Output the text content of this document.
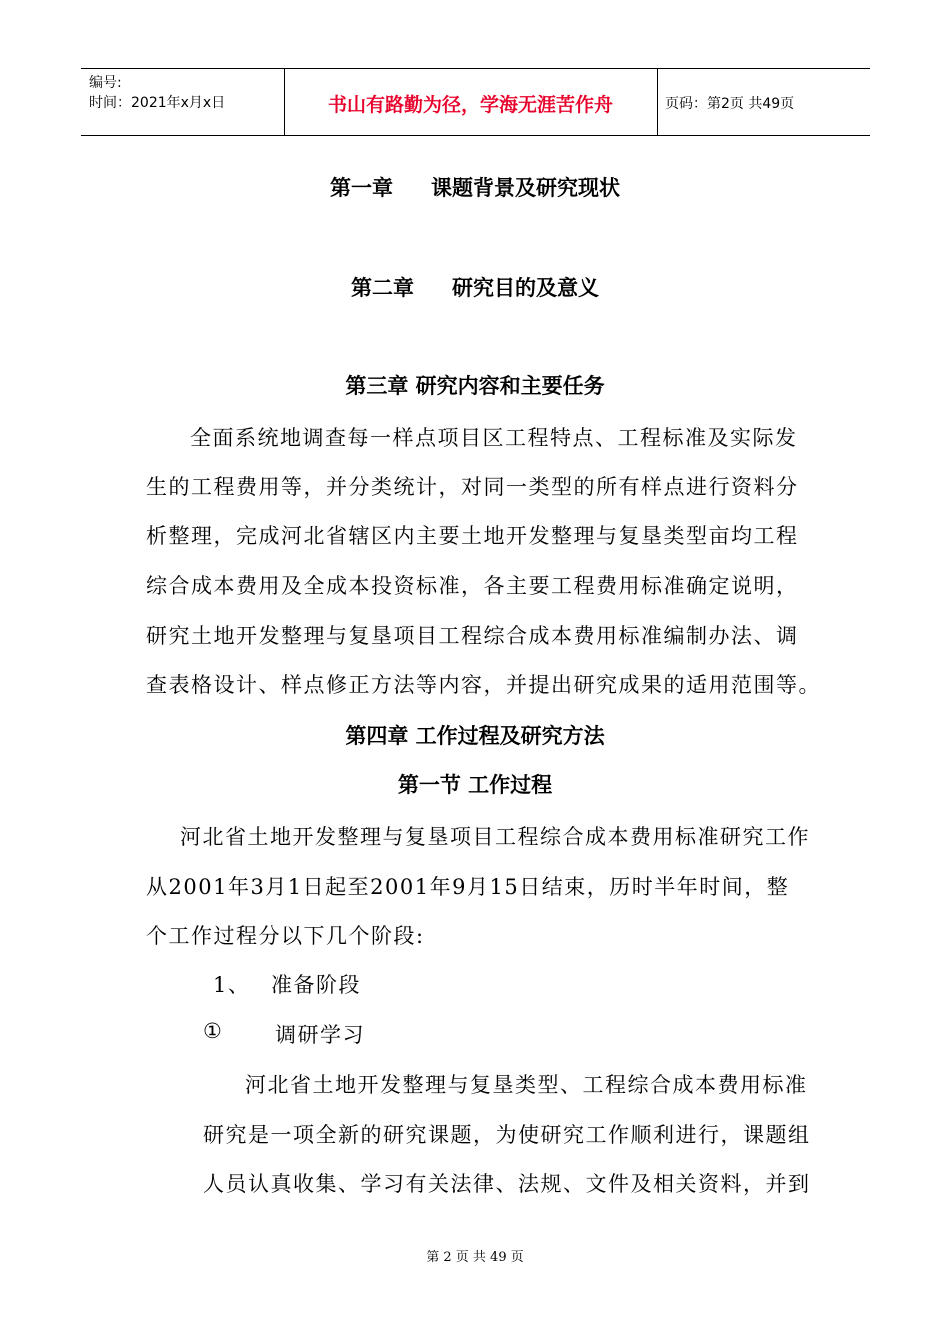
编号:
时间：2021年x月x日	书山有路勤为径，学海无涯苦作舟	页码：第2页 共49页
第一章 课题背景及研究现状
第二章 研究目的及意义
第三章 研究内容和主要任务
全面系统地调查每一样点项目区工程特点、工程标准及实际发
生的工程费用等，并分类统计，对同一类型的所有样点进行资料分
析整理，完成河北省辖区内主要土地开发整理与复垦类型亩均工程
综合成本费用及全成本投资标准，各主要工程费用标准确定说明，
研究土地开发整理与复垦项目工程综合成本费用标准编制办法、调
查表格设计、样点修正方法等内容，并提出研究成果的适用范围等。
第四章 工作过程及研究方法
第一节 工作过程
河北省土地开发整理与复垦项目工程综合成本费用标准研究工作
从2001年3月1日起至2001年9月15日结束，历时半年时间，整
个工作过程分以下几个阶段:
1、 准备阶段
① 调研学习
河北省土地开发整理与复垦类型、工程综合成本费用标准
研究是一项全新的研究课题，为使研究工作顺利进行，课题组
人员认真收集、学习有关法律、法规、文件及相关资料，并到
第 2 页 共 49 页
